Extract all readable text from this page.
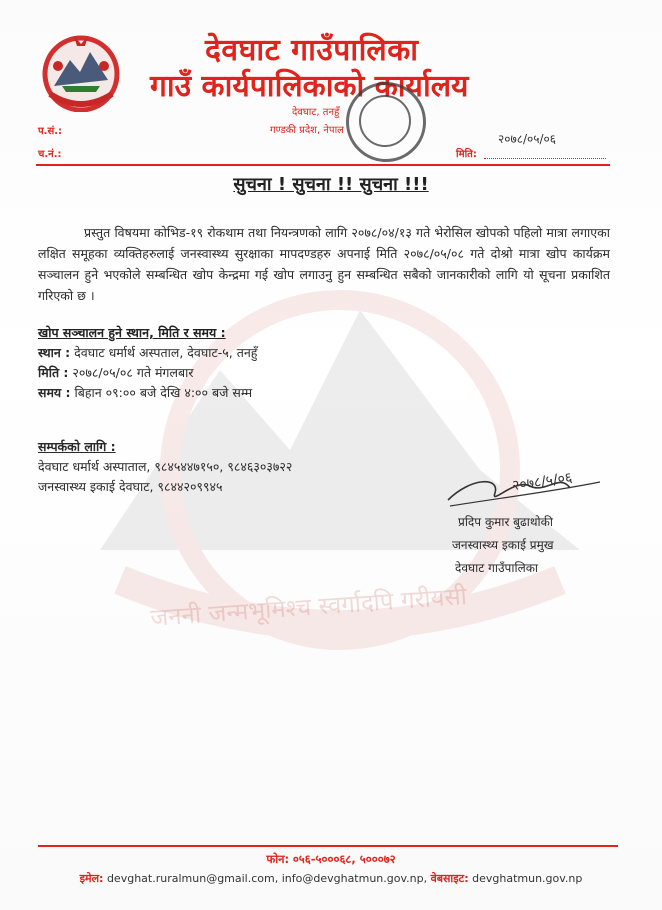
जननी जन्मभूमिश्च स्वर्गादपि गरीयसी
देवघाट गाउँपालिका
गाउँ कार्यपालिकाको कार्यालय
देवघाट, तनहुँ
गण्डकी प्रदेश, नेपाल
प.सं.:
च.नं.:
२०७८/०५/०६
मिति:
सुचना ! सुचना !! सुचना !!!
प्रस्तुत विषयमा कोभिड-१९ रोकथाम तथा नियन्त्रणको लागि २०७८/०४/१३ गते भेरोसिल खोपको पहिलो मात्रा लगाएका लक्षित समूहका व्यक्तिहरुलाई जनस्वास्थ्य सुरक्षाका मापदण्डहरु अपनाई मिति २०७८/०५/०८ गते दोश्रो मात्रा खोप कार्यक्रम सञ्चालन हुने भएकोले सम्बन्धित खोप केन्द्रमा गई खोप लगाउनु हुन सम्बन्धित सबैको जानकारीको लागि यो सूचना प्रकाशित गरिएको छ ।
खोप सञ्चालन हुने स्थान, मिति र समय :
स्थान : देवघाट धर्मार्थ अस्पताल, देवघाट-५, तनहुँ
मिति : २०७८/०५/०८ गते मंगलबार
समय : बिहान ०९:०० बजे देखि ४:०० बजे सम्म
सम्पर्कको लागि :
देवघाट धर्मार्थ अस्पाताल, ९८४५४४७१५०, ९८४६३०३७२२
जनस्वास्थ्य इकाई देवघाट, ९८४४२०९९४५	२०७८/५/०६
प्रदिप कुमार बुढाथोकी
जनस्वास्थ्य इकाई प्रमुख
देवघाट गाउँपालिका
फोन: ०५६-५०००६८, ५०००७२
इमेल: devghat.ruralmun@gmail.com, info@devghatmun.gov.np, वेबसाइट: devghatmun.gov.np
